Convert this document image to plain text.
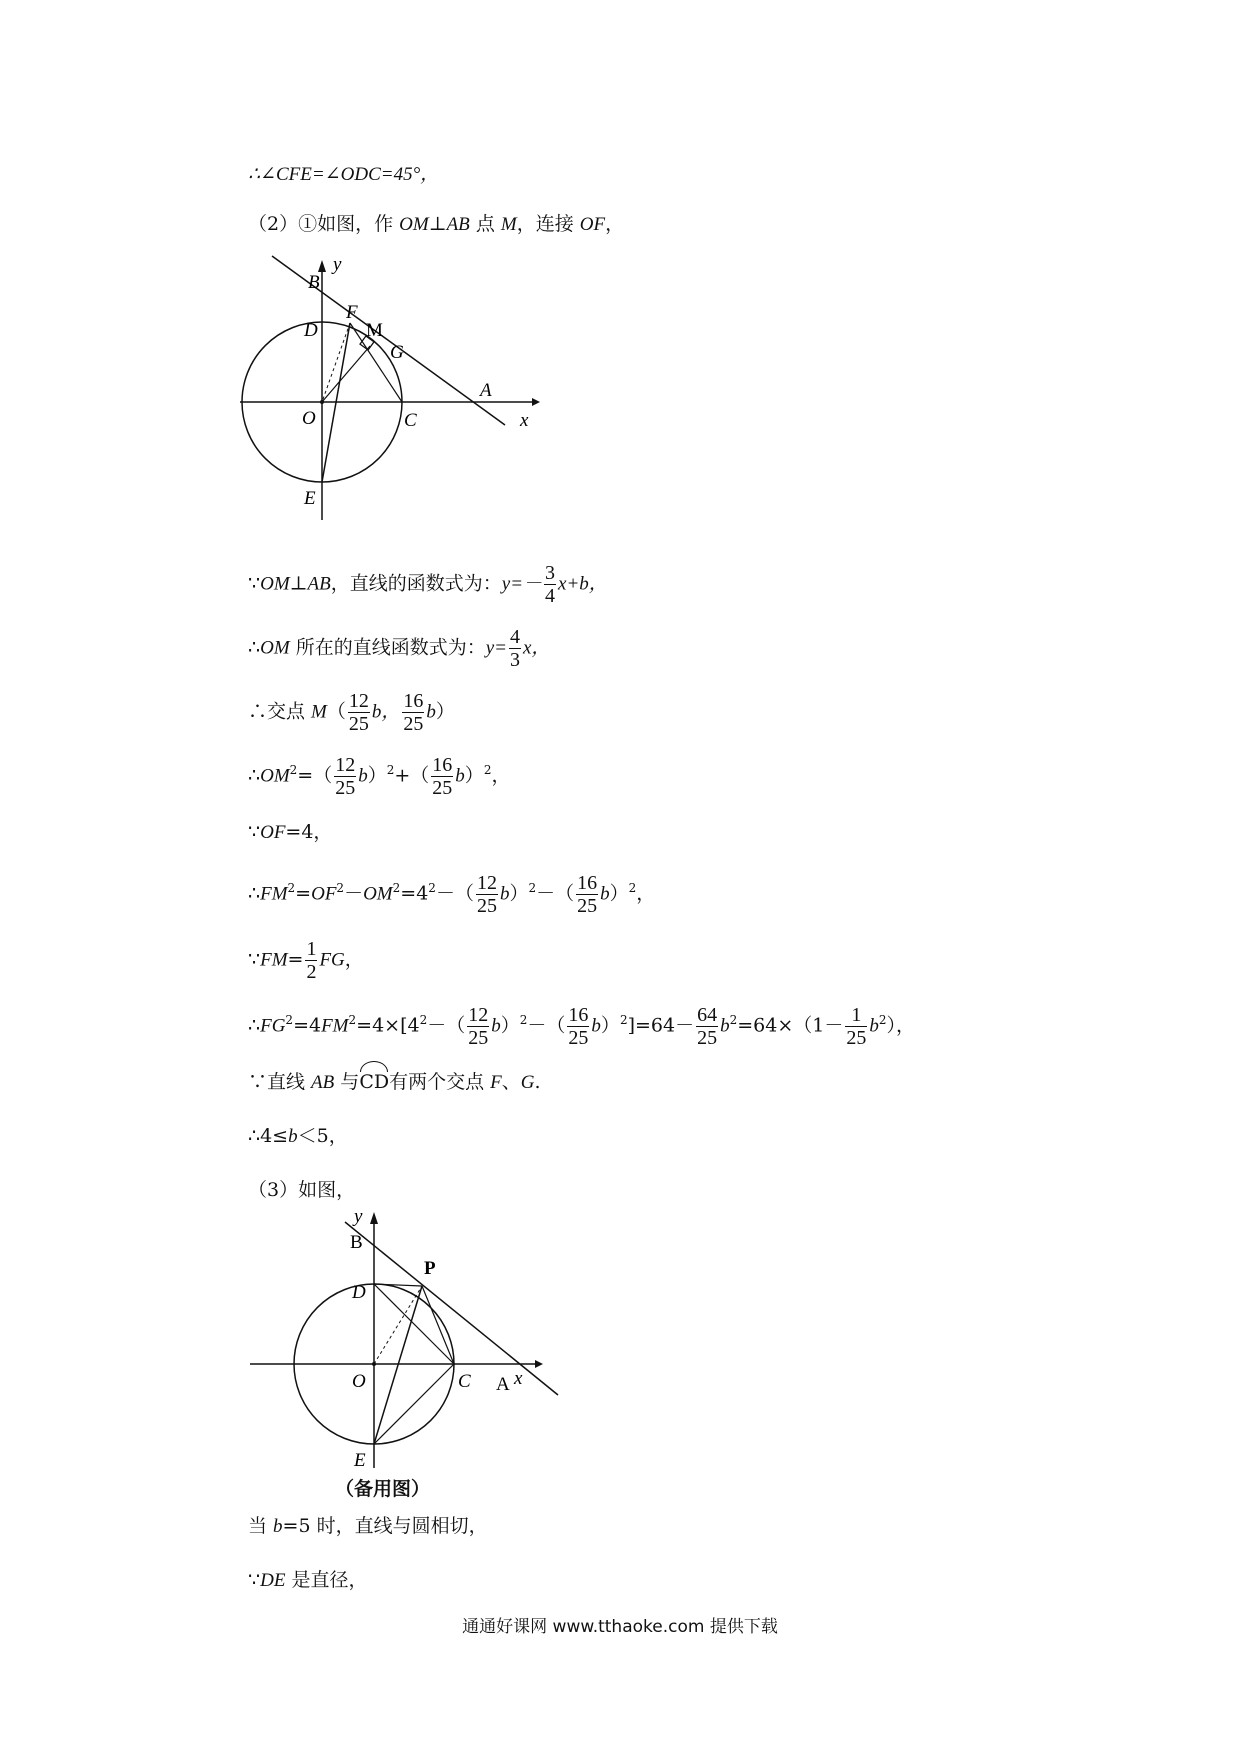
∴∠CFE=∠ODC=45°，
（2）①如图，作 OM⊥AB 点 M，连接 OF，
B
y
F
D	M
G
A
O	C	x
E
∵OM⊥AB，直线的函数式为：$y=- \frac{3}{4} x+b$，
∴OM 所在的直线函数式为：$y= \frac{4}{3}$ x，
∴交点 $M( \frac{12}{25}$ b， $\frac{16}{25} b$）
$\therefore OM^2=( \frac{12}{25} b)^2+( \frac{16}{25} b)^2$，
∵OF=4，
$\therefore FM^2=OF^2-OM^2=4^2-( \frac{12}{25} b)^2-( \frac{16}{25} b)^2$，
∵FM= $\frac{1}{2}$ FG，
$\therefore FG^2=4FM^2=4\times[4^2-( \frac{12}{25} b)^2-( \frac{16}{25} b)^2]=64- \frac{64}{25} b^2=64\times(1- \frac{1}{25} b^2)$，
∵直线 AB 与CD有两个交点 F、G.
∴4≤b＜5，
（3）如图，
y
B
P
D
O	C A x
E
（备用图）
当 b=5 时，直线与圆相切，
∵DE 是直径，
通通好课网 www.tthaoke.com 提供下载
